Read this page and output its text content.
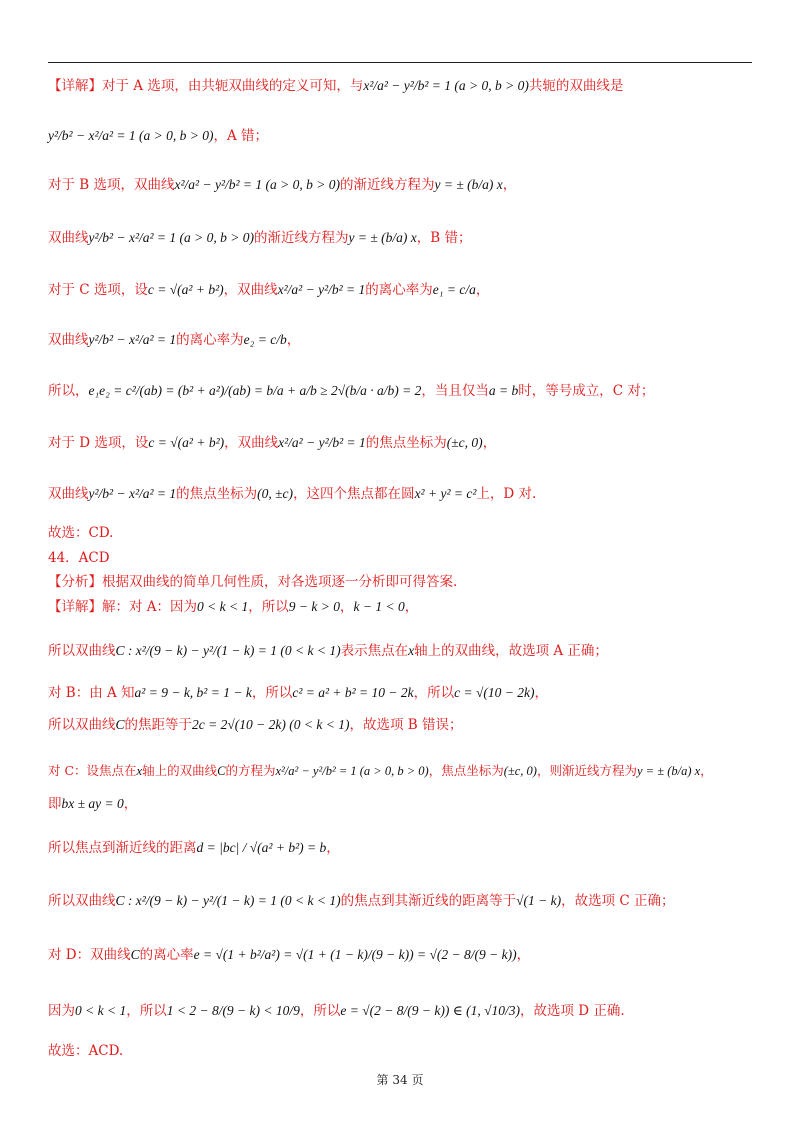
【详解】对于 A 选项，由共轭双曲线的定义可知，与x²/a² − y²/b² = 1 (a > 0, b > 0)共轭的双曲线是
y²/b² − x²/a² = 1 (a > 0, b > 0)，A 错；
对于 B 选项，双曲线x²/a² − y²/b² = 1 (a > 0, b > 0)的渐近线方程为y = ± (b/a) x，
双曲线y²/b² − x²/a² = 1 (a > 0, b > 0)的渐近线方程为y = ± (b/a) x，B 错；
对于 C 选项，设c = √(a² + b²)，双曲线x²/a² − y²/b² = 1的离心率为e₁ = c/a，
双曲线y²/b² − x²/a² = 1的离心率为e₂ = c/b，
所以，e₁e₂ = c²/(ab) = (b² + a²)/(ab) = b/a + a/b ≥ 2√(b/a · a/b) = 2，当且仅当a = b时，等号成立，C 对；
对于 D 选项，设c = √(a² + b²)，双曲线x²/a² − y²/b² = 1的焦点坐标为(±c, 0)，
双曲线y²/b² − x²/a² = 1的焦点坐标为(0, ±c)，这四个焦点都在圆x² + y² = c²上，D 对.
故选：CD.
44．ACD
【分析】根据双曲线的简单几何性质，对各选项逐一分析即可得答案.
【详解】解：对 A：因为0 < k < 1，所以9 − k > 0，k − 1 < 0，
所以双曲线C : x²/(9 − k) − y²/(1 − k) = 1 (0 < k < 1)表示焦点在x轴上的双曲线，故选项 A 正确；
对 B：由 A 知a² = 9 − k, b² = 1 − k，所以c² = a² + b² = 10 − 2k，所以c = √(10 − 2k)，
所以双曲线C的焦距等于2c = 2√(10 − 2k) (0 < k < 1)，故选项 B 错误；
对 C：设焦点在x轴上的双曲线C的方程为x²/a² − y²/b² = 1 (a > 0, b > 0)，焦点坐标为(±c, 0)，则渐近线方程为y = ± (b/a) x，
即bx ± ay = 0，
所以焦点到渐近线的距离d = |bc| / √(a² + b²) = b，
所以双曲线C : x²/(9 − k) − y²/(1 − k) = 1 (0 < k < 1)的焦点到其渐近线的距离等于√(1 − k)，故选项 C 正确；
对 D：双曲线C的离心率e = √(1 + b²/a²) = √(1 + (1 − k)/(9 − k)) = √(2 − 8/(9 − k))，
因为0 < k < 1，所以1 < 2 − 8/(9 − k) < 10/9，所以e = √(2 − 8/(9 − k)) ∈ (1, √10/3)，故选项 D 正确.
故选：ACD.
第 34 页
